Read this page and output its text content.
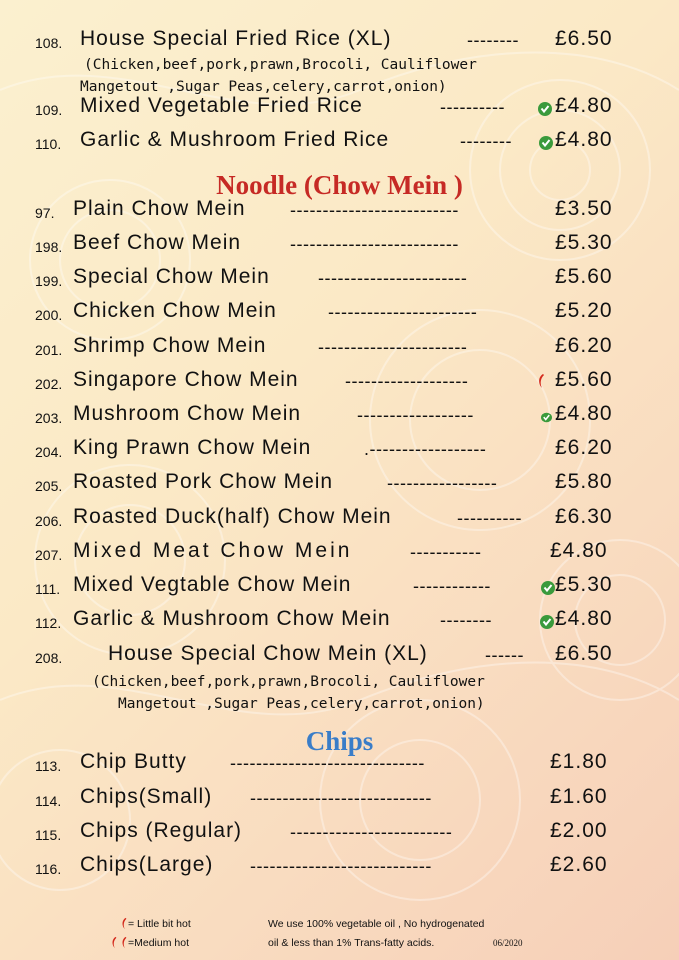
108. House Special Fried Rice (XL)	-------- £6.50
(Chicken,beef,pork,prawn,Brocoli, Cauliflower
Mangetout ,Sugar Peas,celery,carrot,onion)
109. Mixed Vegetable Fried Rice	---------- £4.80
110. Garlic & Mushroom Fried Rice	-------- £4.80
Noodle (Chow Mein )
97. Plain Chow Mein --------------------------	£3.50
198. Beef Chow Mein	--------------------------	£5.30
199. Special Chow Mein	-----------------------	£5.60
200. Chicken Chow Mein	-----------------------	£5.20
201. Shrimp Chow Mein	-----------------------	£6.20
202. Singapore Chow Mein	-------------------	£5.60
203. Mushroom Chow Mein	------------------	£4.80
204. King Prawn Chow Mein	.------------------	£6.20
205. Roasted Pork Chow Mein	-----------------	£5.80
206. Roasted Duck(half) Chow Mein	---------- £6.30
207. Mixed Meat Chow Mein	-----------	£4.80
111. Mixed Vegtable Chow Mein	------------	£5.30
112. Garlic & Mushroom Chow Mein	--------	£4.80
208. House Special Chow Mein (XL)	------ £6.50
(Chicken,beef,pork,prawn,Brocoli, Cauliflower
Mangetout ,Sugar Peas,celery,carrot,onion)
Chips
113. Chip Butty ------------------------------	£1.80
114. Chips(Small) ----------------------------	£1.60
115. Chips (Regular)	-------------------------	£2.00
116. Chips(Large) ----------------------------	£2.60
= Little bit hot
=Medium hot
We use 100% vegetable oil , No hydrogenated
oil & less than 1% Trans-fatty acids.	06/2020
